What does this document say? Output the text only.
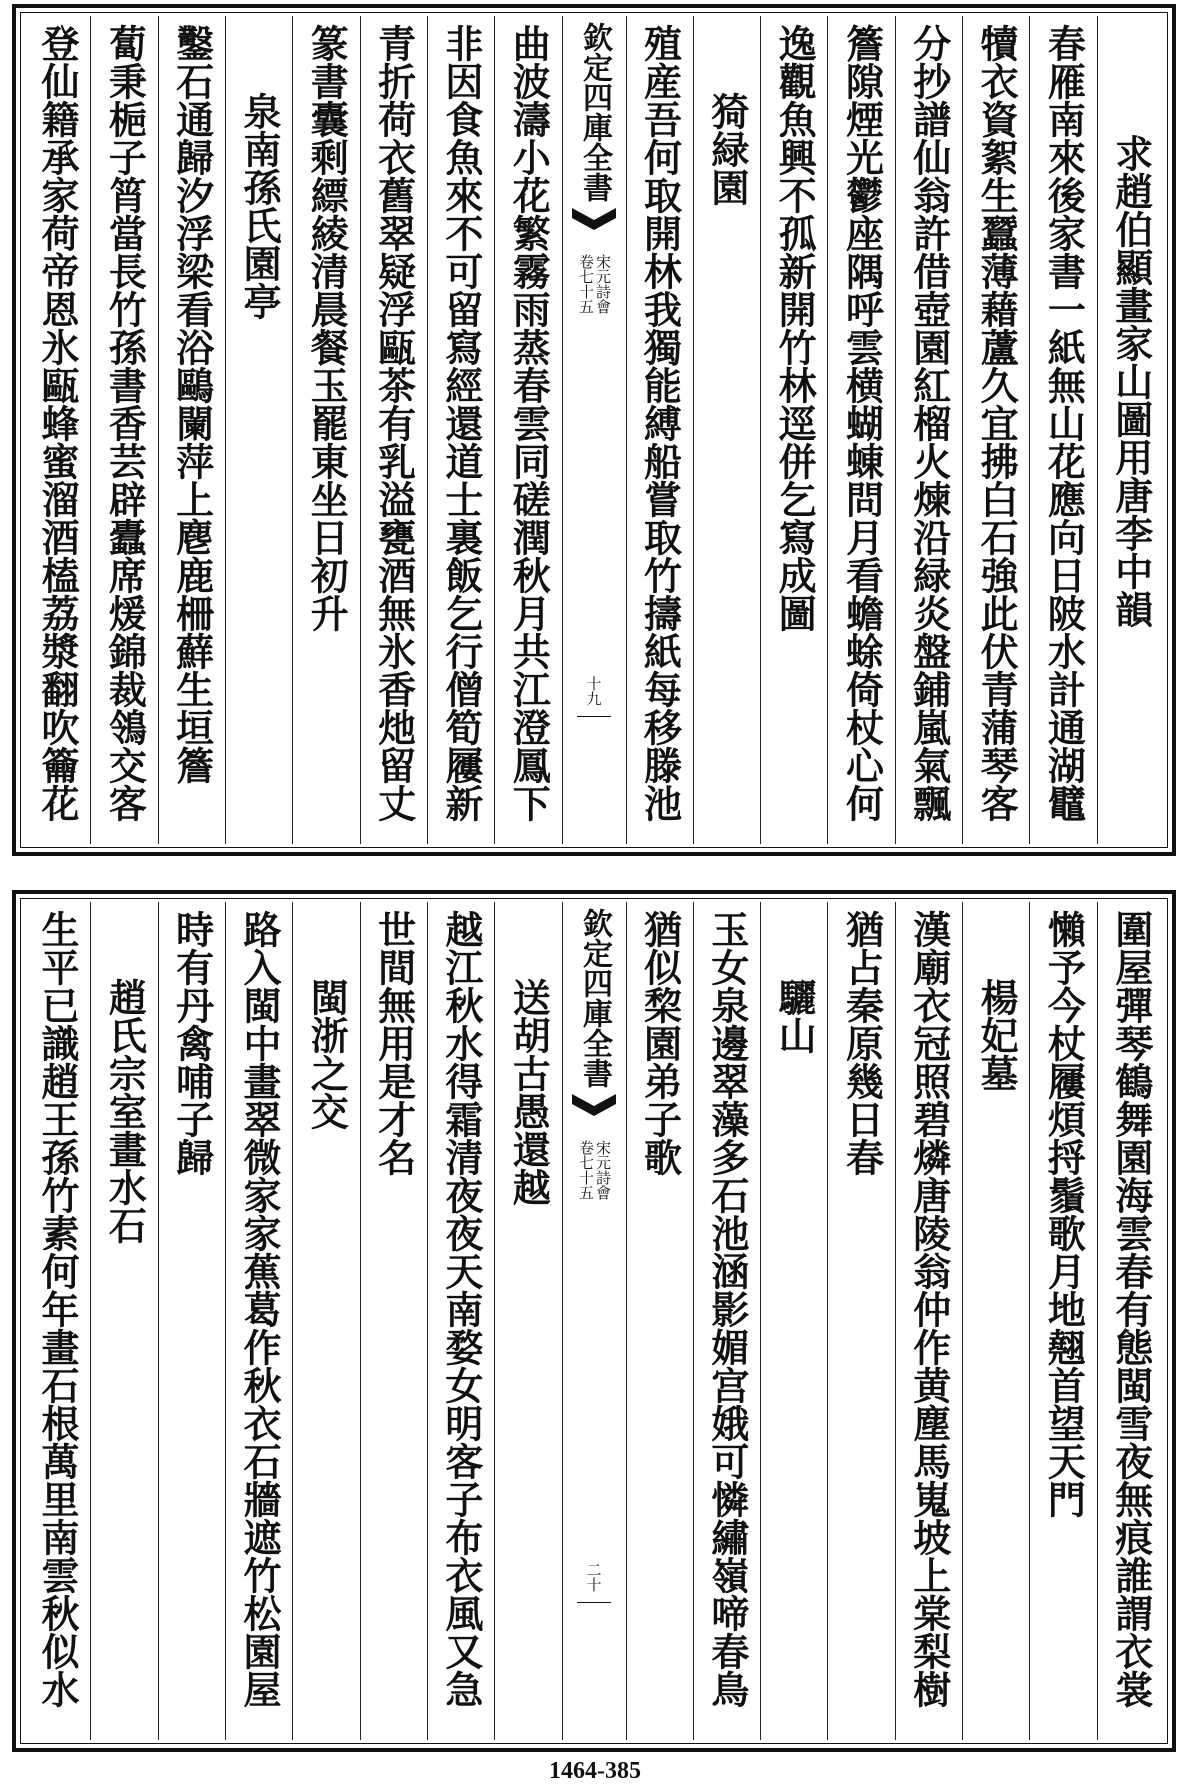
求趙伯顯畫家山圖用唐李中韻
春雁南來後家書一紙無山花應向日陂水計通湖鼊
犢衣資絮生蠶薄藉蘆久宜拂白石強此伏青蒲琴客
分抄譜仙翁許借壺園紅榴火煉沿緑炎盤鋪嵐氣飄
簷隙煙光鬱座隅呼雲横蝴蝀問月看蟾蜍倚杖心何
逸觀魚興不孤新開竹林逕併乞寫成圖
猗緑園
殖産吾何取開林我獨能縛船嘗取竹擣紙每移滕池
欽定四庫全書
宋元詩會
卷七十五
十九
曲波濤小花繁霧雨蒸春雲同磋潤秋月共江澄鳳下
非因食魚來不可留寫經還道士裏飯乞行僧筍屨新
青折荷衣舊翠疑浮甌茶有乳溢甕酒無氷香灺留丈
篆書囊剩縹綾清晨餐玉罷東坐日初升
泉南孫氏園亭
鑿石通歸汐浮梁看浴鷗闌萍上麀鹿柵蘚生垣簷
蔔秉梔子筲當長竹孫書香芸辟蠹席煖錦裁鴒交客
登仙籍承家荷帝恩氷甌蜂蜜溜酒榼荔漿翻吹籥花
圍屋彈琴鶴舞園海雲春有態閩雪夜無痕誰謂衣裳
懶予今杖屨煩捋鬚歌月地翹首望天門
楊妃墓
漢廟衣冠照碧燐唐陵翁仲作黄塵馬嵬坡上棠梨樹
猶占秦原幾日春
驪山
玉女泉邊翠藻多石池涵影媚宫娥可憐繡嶺啼春鳥
猶似棃園弟子歌
欽定四庫全書
宋元詩會
卷七十五
二十
送胡古愚還越
越江秋水得霜清夜夜天南婺女明客子布衣風又急
世間無用是才名
閩浙之交
路入閩中畫翠微家家蕉葛作秋衣石牆遮竹松園屋
時有丹禽哺子歸
趙氏宗室畫水石
生平已識趙王孫竹素何年畫石根萬里南雲秋似水
1464-385
